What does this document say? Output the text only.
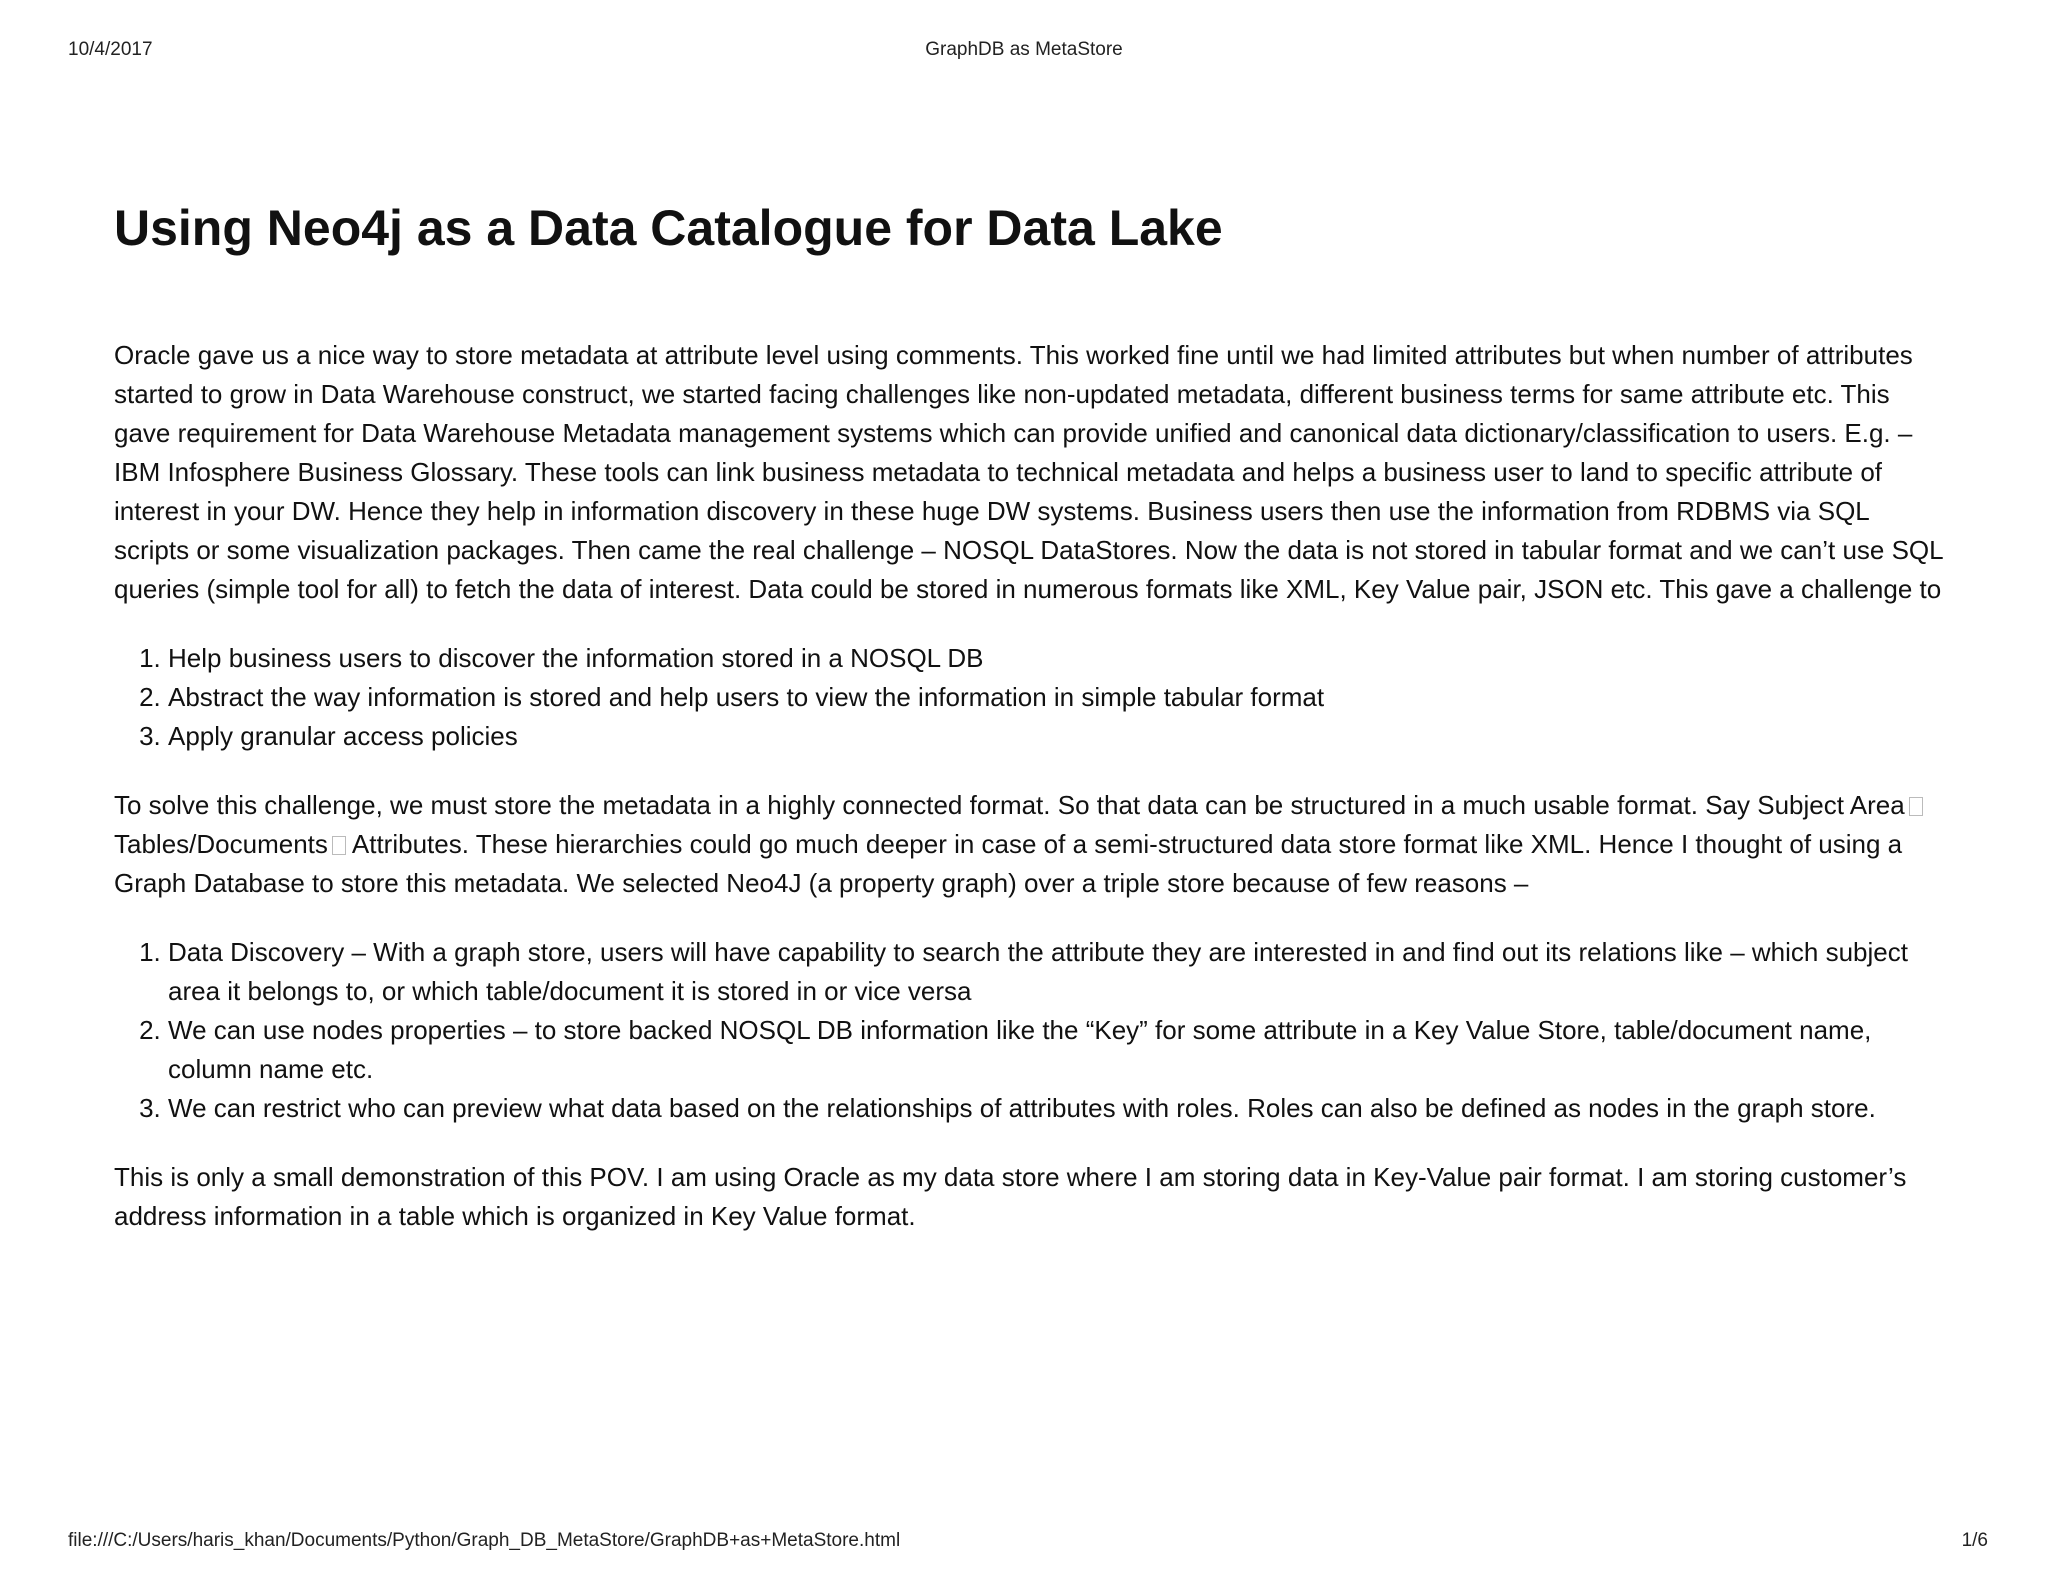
10/4/2017	GraphDB as MetaStore
Using Neo4j as a Data Catalogue for Data Lake

Oracle gave us a nice way to store metadata at attribute level using comments. This worked fine until we had limited attributes but when number of attributes started to grow in Data Warehouse construct, we started facing challenges like non-updated metadata, different business terms for same attribute etc. This gave requirement for Data Warehouse Metadata management systems which can provide unified and canonical data dictionary/classification to users. E.g. – IBM Infosphere Business Glossary. These tools can link business metadata to technical metadata and helps a business user to land to specific attribute of interest in your DW. Hence they help in information discovery in these huge DW systems. Business users then use the information from RDBMS via SQL scripts or some visualization packages. Then came the real challenge – NOSQL DataStores. Now the data is not stored in tabular format and we can’t use SQL queries (simple tool for all) to fetch the data of interest. Data could be stored in numerous formats like XML, Key Value pair, JSON etc. This gave a challenge to

1. Help business users to discover the information stored in a NOSQL DB
2. Abstract the way information is stored and help users to view the information in simple tabular format
3. Apply granular access policies

To solve this challenge, we must store the metadata in a highly connected format. So that data can be structured in a much usable format. Say Subject AreaTables/Documents Attributes. These hierarchies could go much deeper in case of a semi-structured data store format like XML. Hence I thought of using a Graph Database to store this metadata. We selected Neo4J (a property graph) over a triple store because of few reasons –

1. Data Discovery – With a graph store, users will have capability to search the attribute they are interested in and find out its relations like – which subject area it belongs to, or which table/document it is stored in or vice versa
2. We can use nodes properties – to store backed NOSQL DB information like the “Key” for some attribute in a Key Value Store, table/document name, column name etc.
3. We can restrict who can preview what data based on the relationships of attributes with roles. Roles can also be defined as nodes in the graph store.

This is only a small demonstration of this POV. I am using Oracle as my data store where I am storing data in Key-Value pair format. I am storing customer’s address information in a table which is organized in Key Value format.

file:///C:/Users/haris_khan/Documents/Python/Graph_DB_MetaStore/GraphDB+as+MetaStore.html	1/6
